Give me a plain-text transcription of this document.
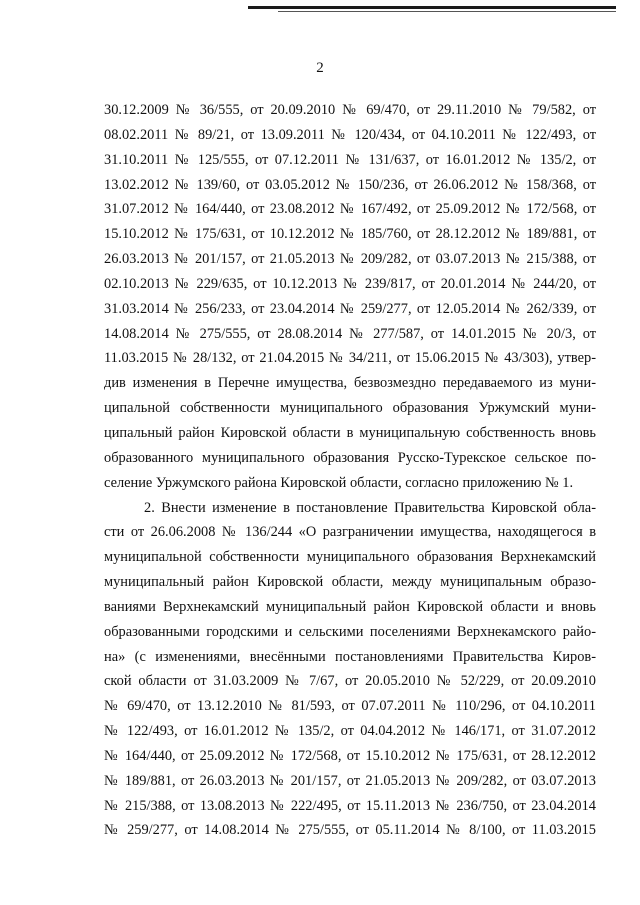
2
30.12.2009 № 36/555, от 20.09.2010 № 69/470, от 29.11.2010 № 79/582, от
08.02.2011 № 89/21, от 13.09.2011 № 120/434, от 04.10.2011 № 122/493, от
31.10.2011 № 125/555, от 07.12.2011 № 131/637, от 16.01.2012 № 135/2, от
13.02.2012 № 139/60, от 03.05.2012 № 150/236, от 26.06.2012 № 158/368, от
31.07.2012 № 164/440, от 23.08.2012 № 167/492, от 25.09.2012 № 172/568, от
15.10.2012 № 175/631, от 10.12.2012 № 185/760, от 28.12.2012 № 189/881, от
26.03.2013 № 201/157, от 21.05.2013 № 209/282, от 03.07.2013 № 215/388, от
02.10.2013 № 229/635, от 10.12.2013 № 239/817, от 20.01.2014 № 244/20, от
31.03.2014 № 256/233, от 23.04.2014 № 259/277, от 12.05.2014 № 262/339, от
14.08.2014 № 275/555, от 28.08.2014 № 277/587, от 14.01.2015 № 20/3, от
11.03.2015 № 28/132, от 21.04.2015 № 34/211, от 15.06.2015 № 43/303), утвер-
див изменения в Перечне имущества, безвозмездно передаваемого из муни-
ципальной собственности муниципального образования Уржумский муни-
ципальный район Кировской области в муниципальную собственность вновь
образованного муниципального образования Русско-Турекское сельское по-
селение Уржумского района Кировской области, согласно приложению № 1.
2. Внести изменение в постановление Правительства Кировской обла-
сти от 26.06.2008 № 136/244 «О разграничении имущества, находящегося в
муниципальной собственности муниципального образования Верхнекамский
муниципальный район Кировской области, между муниципальным образо-
ваниями Верхнекамский муниципальный район Кировской области и вновь
образованными городскими и сельскими поселениями Верхнекамского райо-
на» (с изменениями, внесёнными постановлениями Правительства Киров-
ской области от 31.03.2009 № 7/67, от 20.05.2010 № 52/229, от 20.09.2010
№ 69/470, от 13.12.2010 № 81/593, от 07.07.2011 № 110/296, от 04.10.2011
№ 122/493, от 16.01.2012 № 135/2, от 04.04.2012 № 146/171, от 31.07.2012
№ 164/440, от 25.09.2012 № 172/568, от 15.10.2012 № 175/631, от 28.12.2012
№ 189/881, от 26.03.2013 № 201/157, от 21.05.2013 № 209/282, от 03.07.2013
№ 215/388, от 13.08.2013 № 222/495, от 15.11.2013 № 236/750, от 23.04.2014
№ 259/277, от 14.08.2014 № 275/555, от 05.11.2014 № 8/100, от 11.03.2015
